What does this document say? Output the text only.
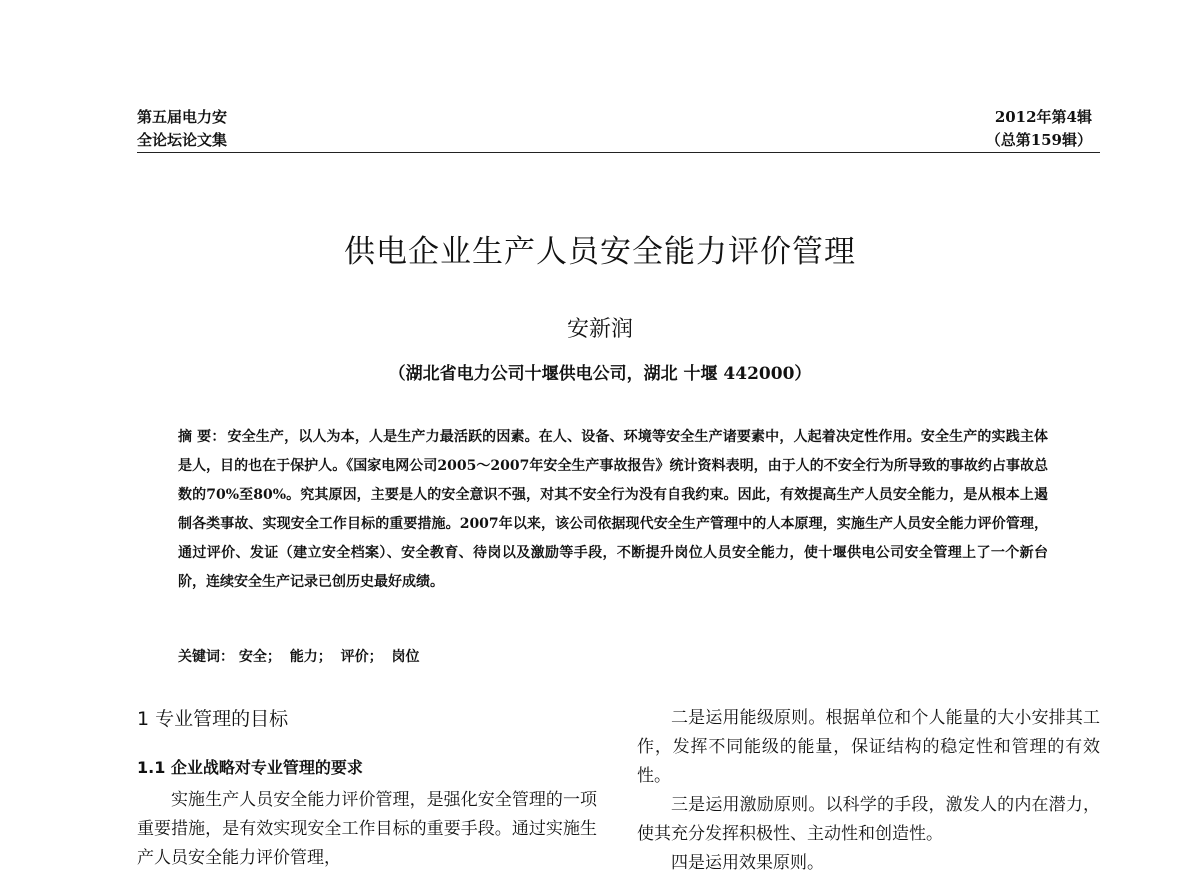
第五届电力安
全论坛论文集
2012年第4辑
（总第159辑）
供电企业生产人员安全能力评价管理
安新润
（湖北省电力公司十堰供电公司，湖北 十堰 442000）
摘 要： 安全生产，以人为本，人是生产力最活跃的因素。在人、设备、环境等安全生产诸要素中，人起着决定性作用。安全生产的实践主体是人，目的也在于保护人。《国家电网公司2005～2007年安全生产事故报告》统计资料表明，由于人的不安全行为所导致的事故约占事故总数的70%至80%。究其原因，主要是人的安全意识不强，对其不安全行为没有自我约束。因此，有效提高生产人员安全能力，是从根本上遏制各类事故、实现安全工作目标的重要措施。2007年以来，该公司依据现代安全生产管理中的人本原理，实施生产人员安全能力评价管理，通过评价、发证（建立安全档案）、安全教育、待岗以及激励等手段，不断提升岗位人员安全能力，使十堰供电公司安全管理上了一个新台阶，连续安全生产记录已创历史最好成绩。
关键词： 安全； 能力； 评价； 岗位
1 专业管理的目标
1.1 企业战略对专业管理的要求

实施生产人员安全能力评价管理，是强化安全管理的一项重要措施，是有效实现安全工作目标的重要手段。通过实施生产人员安全能力评价管理，

二是运用能级原则。根据单位和个人能量的大小安排其工作，发挥不同能级的能量，保证结构的稳定性和管理的有效性。

三是运用激励原则。以科学的手段，激发人的内在潜力，使其充分发挥积极性、主动性和创造性。

四是运用效果原则。
